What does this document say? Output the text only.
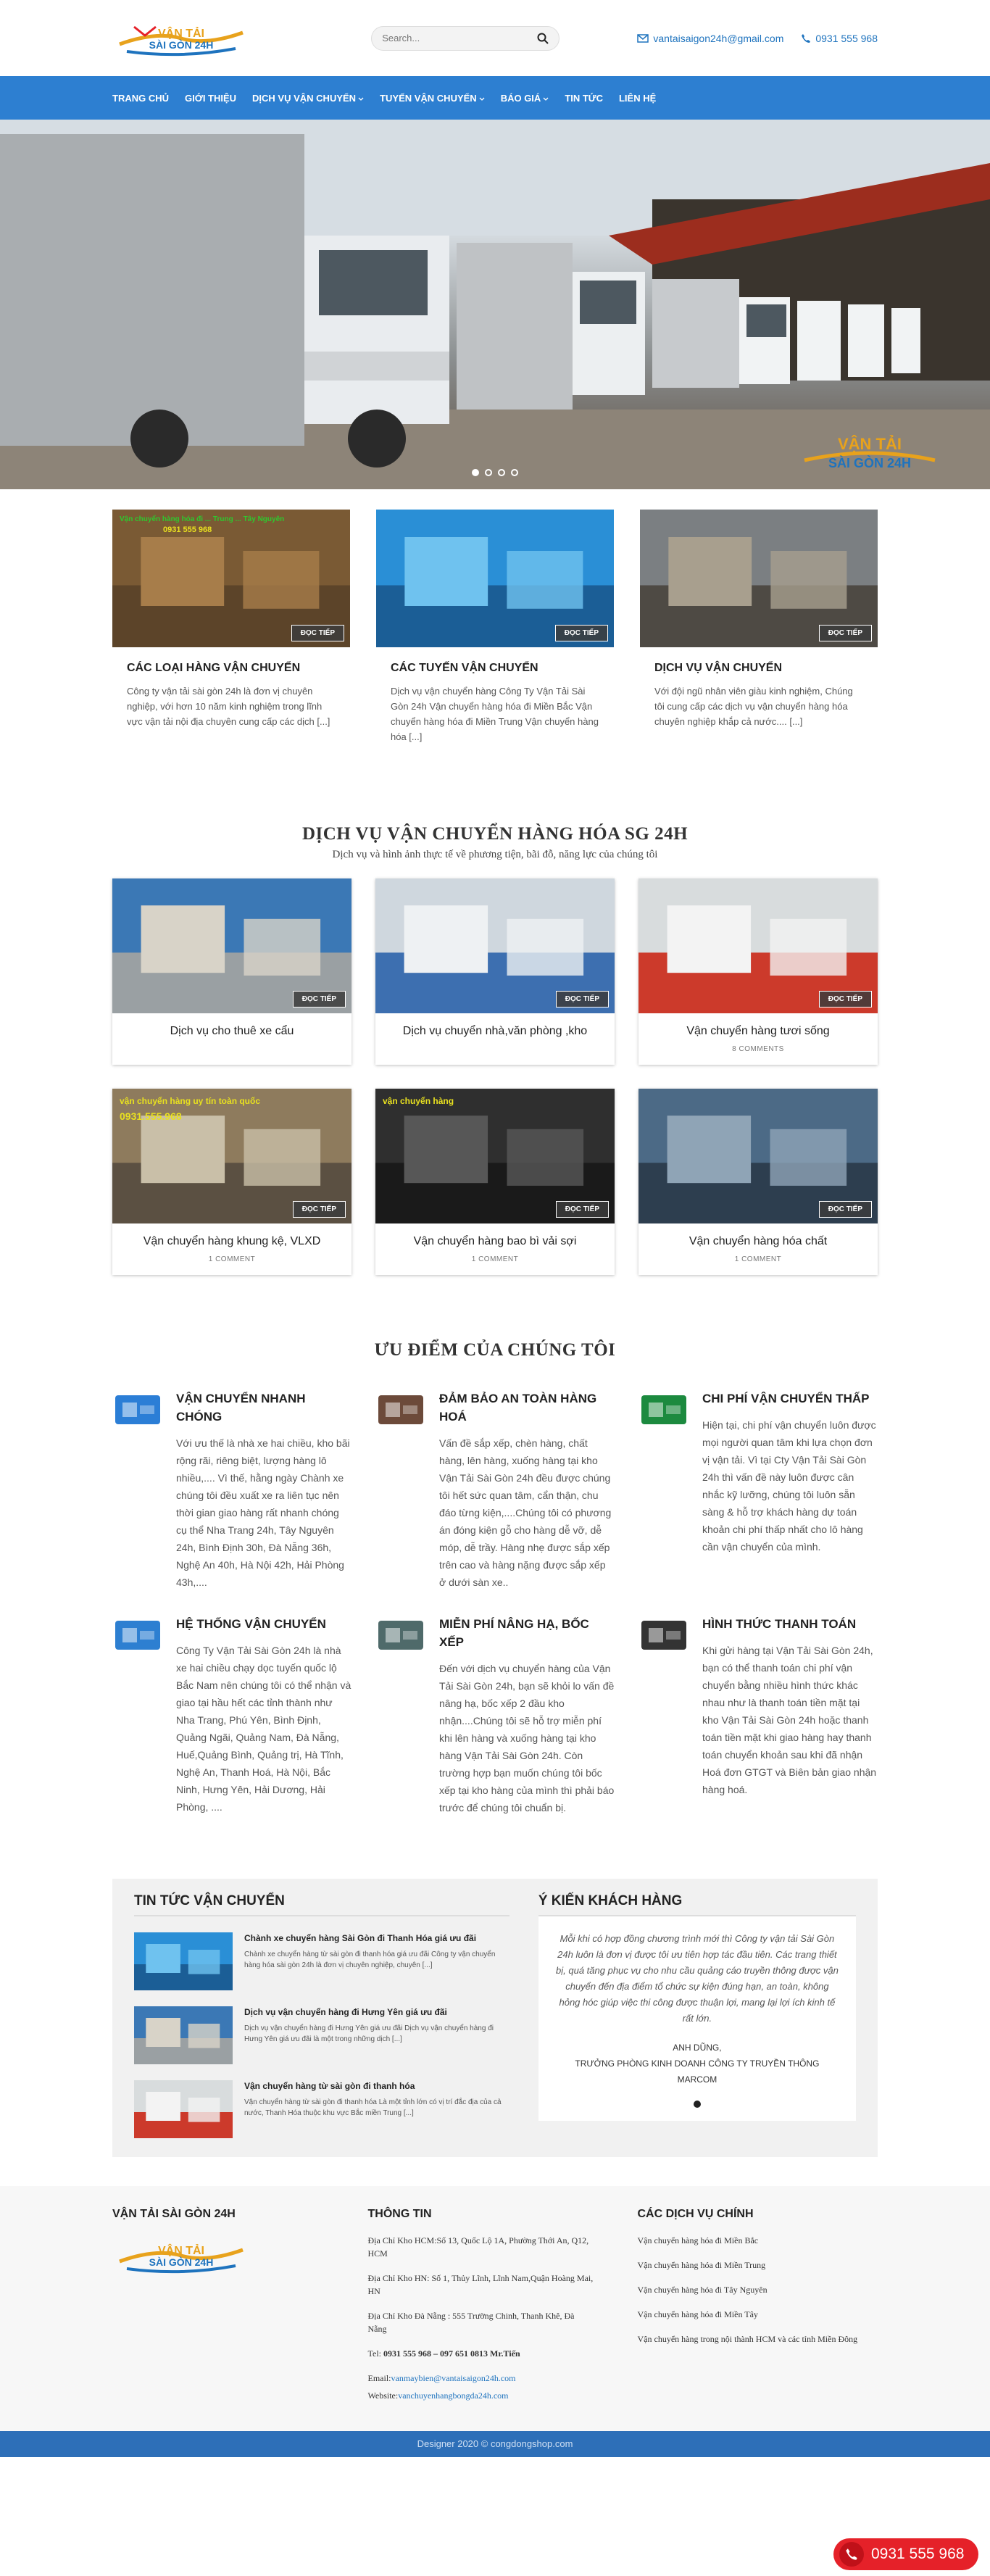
VẬN TẢI
SÀI GÒN 24H
Search...
vantaisaigon24h@gmail.com	0931 555 968
TRANG CHỦ GIỚI THIỆU DỊCH VỤ VẬN CHUYỂN	TUYẾN VẬN CHUYỂN	BÁO GIÁ	TIN TỨC LIÊN HỆ
VẬN TẢI
SÀI GÒN 24H
Vận chuyển hàng hóa đi ... Trung ... Tây Nguyên
0931 555 968
ĐỌC TIẾP
CÁC LOẠI HÀNG VẬN CHUYỂN

Công ty vận tải sài gòn 24h là đơn vị chuyên nghiệp, với hơn 10 năm kinh nghiệm trong lĩnh vực vận tải nội địa chuyên cung cấp các dịch [...]

ĐỌC TIẾP
CÁC TUYẾN VẬN CHUYỂN

Dịch vụ vận chuyển hàng Công Ty Vận Tải Sài Gòn 24h Vận chuyển hàng hóa đi Miền Bắc Vận chuyển hàng hóa đi Miền Trung Vận chuyển hàng hóa [...]

ĐỌC TIẾP
DỊCH VỤ VẬN CHUYỂN

Với đội ngũ nhân viên giàu kinh nghiệm, Chúng tôi cung cấp các dịch vụ vận chuyển hàng hóa chuyên nghiệp khắp cả nước.... [...]

DỊCH VỤ VẬN CHUYỂN HÀNG HÓA SG 24H

Dịch vụ và hình ảnh thực tế về phương tiện, bãi đỗ, năng lực của chúng tôi

ĐỌC TIẾP
Dịch vụ cho thuê xe cẩu
ĐỌC TIẾP
Dịch vụ chuyển nhà,văn phòng ,kho
ĐỌC TIẾP
Vận chuyển hàng tươi sống
8 COMMENTS
vận chuyển hàng uy tín toàn quốc
0931.555.968
ĐỌC TIẾP
Vận chuyển hàng khung kệ, VLXD
1 COMMENT
vận chuyển hàng
ĐỌC TIẾP
Vận chuyển hàng bao bì vải sợi
1 COMMENT
ĐỌC TIẾP
Vận chuyển hàng hóa chất
1 COMMENT
ƯU ĐIỂM CỦA CHÚNG TÔI
VẬN CHUYỂN NHANH CHÓNG

Với ưu thế là nhà xe hai chiều, kho bãi rộng rãi, riêng biệt, lượng hàng lô nhiều,.... Vì thế, hằng ngày Chành xe chúng tôi đều xuất xe ra liên tục nên thời gian giao hàng rất nhanh chóng cụ thể Nha Trang 24h, Tây Nguyên 24h, Bình Định 30h, Đà Nẵng 36h, Nghệ An 40h, Hà Nội 42h, Hải Phòng 43h,....

ĐẢM BẢO AN TOÀN HÀNG HOÁ

Vấn đề sắp xếp, chèn hàng, chất hàng, lên hàng, xuống hàng tại kho Vận Tải Sài Gòn 24h đều được chúng tôi hết sức quan tâm, cẩn thận, chu đáo từng kiện,....Chúng tôi có phương án đóng kiện gỗ cho hàng dễ vỡ, dễ móp, dễ trầy. Hàng nhẹ được sắp xếp trên cao và hàng nặng được sắp xếp ở dưới sàn xe..

CHI PHÍ VẬN CHUYỂN THẤP

Hiện tại, chi phí vận chuyển luôn được mọi người quan tâm khi lựa chọn đơn vị vận tải. Vì tại Cty Vận Tải Sài Gòn 24h thì vấn đề này luôn được cân nhắc kỹ lưỡng, chúng tôi luôn sẵn sàng & hỗ trợ khách hàng dự toán khoản chi phí thấp nhất cho lô hàng cần vận chuyển của mình.

HỆ THỐNG VẬN CHUYỂN

Công Ty Vận Tải Sài Gòn 24h là nhà xe hai chiều chạy dọc tuyến quốc lộ Bắc Nam nên chúng tôi có thể nhận và giao tại hầu hết các tỉnh thành như Nha Trang, Phú Yên, Bình Định, Quảng Ngãi, Quảng Nam, Đà Nẵng, Huế,Quảng Bình, Quảng trị, Hà Tĩnh, Nghệ An, Thanh Hoá, Hà Nội, Bắc Ninh, Hưng Yên, Hải Dương, Hải Phòng, ....

MIỄN PHÍ NÂNG HẠ, BỐC XẾP

Đến với dịch vụ chuyển hàng của Vận Tải Sài Gòn 24h, bạn sẽ khỏi lo vấn đề nâng hạ, bốc xếp 2 đầu kho nhận....Chúng tôi sẽ hỗ trợ miễn phí khi lên hàng và xuống hàng tại kho hàng Vận Tải Sài Gòn 24h. Còn trường hợp bạn muốn chúng tôi bốc xếp tại kho hàng của mình thì phải báo trước để chúng tôi chuẩn bị.

HÌNH THỨC THANH TOÁN

Khi gửi hàng tại Vận Tải Sài Gòn 24h, bạn có thể thanh toán chi phí vận chuyển bằng nhiều hình thức khác nhau như là thanh toán tiền mặt tại kho Vận Tải Sài Gòn 24h hoặc thanh toán tiền mặt khi giao hàng hay thanh toán chuyển khoản sau khi đã nhận Hoá đơn GTGT và Biên bản giao nhận hàng hoá.

TIN TỨC VẬN CHUYỂN
Chành xe chuyển hàng Sài Gòn đi Thanh Hóa giá ưu đãi

Chành xe chuyển hàng từ sài gòn đi thanh hóa giá ưu đãi Công ty vận chuyển hàng hóa sài gòn 24h là đơn vị chuyên nghiệp, chuyên [...]

Dịch vụ vận chuyển hàng đi Hưng Yên giá ưu đãi

Dịch vụ vận chuyển hàng đi Hưng Yên giá ưu đãi Dịch vụ vận chuyển hàng đi Hưng Yên giá ưu đãi là một trong những dịch [...]

Vận chuyển hàng từ sài gòn đi thanh hóa

Vận chuyển hàng từ sài gòn đi thanh hóa Là một tỉnh lớn có vị trí đắc địa của cả nước, Thanh Hóa thuộc khu vực Bắc miền Trung [...]

Ý KIẾN KHÁCH HÀNG

Mỗi khi có hợp đồng chương trình mới thì Công ty vận tải Sài Gòn 24h luôn là đơn vị được tôi ưu tiên hợp tác đầu tiên. Các trang thiết bị, quá tăng phục vụ cho nhu cầu quảng cáo truyền thông được vận chuyển đến địa điểm tổ chức sự kiện đúng hạn, an toàn, không hỏng hóc giúp việc thi công được thuận lợi, mang lại lợi ích kinh tế rất lớn.

ANH DŨNG,
TRƯỞNG PHÒNG KINH DOANH CÔNG TY TRUYỀN THÔNG MARCOM
VẬN TẢI SÀI GÒN 24H
VẬN TẢI
SÀI GÒN 24H
THÔNG TIN

Địa Chỉ Kho HCM:Số 13, Quốc Lộ 1A, Phường Thới An, Q12, HCM

Địa Chỉ Kho HN: Số 1, Thủy Lĩnh, Lĩnh Nam,Quận Hoàng Mai, HN

Địa Chỉ Kho Đà Nẵng : 555 Trường Chinh, Thanh Khê, Đà Nẵng

Tel: 0931 555 968 – 097 651 0813 Mr.Tiến

Email:vanmaybien@vantaisaigon24h.com

Website:vanchuyenhangbongda24h.com

CÁC DỊCH VỤ CHÍNH

Vận chuyển hàng hóa đi Miền Bắc

Vận chuyển hàng hóa đi Miền Trung

Vận chuyển hàng hóa đi Tây Nguyên

Vận chuyển hàng hóa đi Miền Tây

Vận chuyển hàng trong nội thành HCM và các tỉnh Miền Đông

Designer 2020 © congdongshop.com
0931 555 968
